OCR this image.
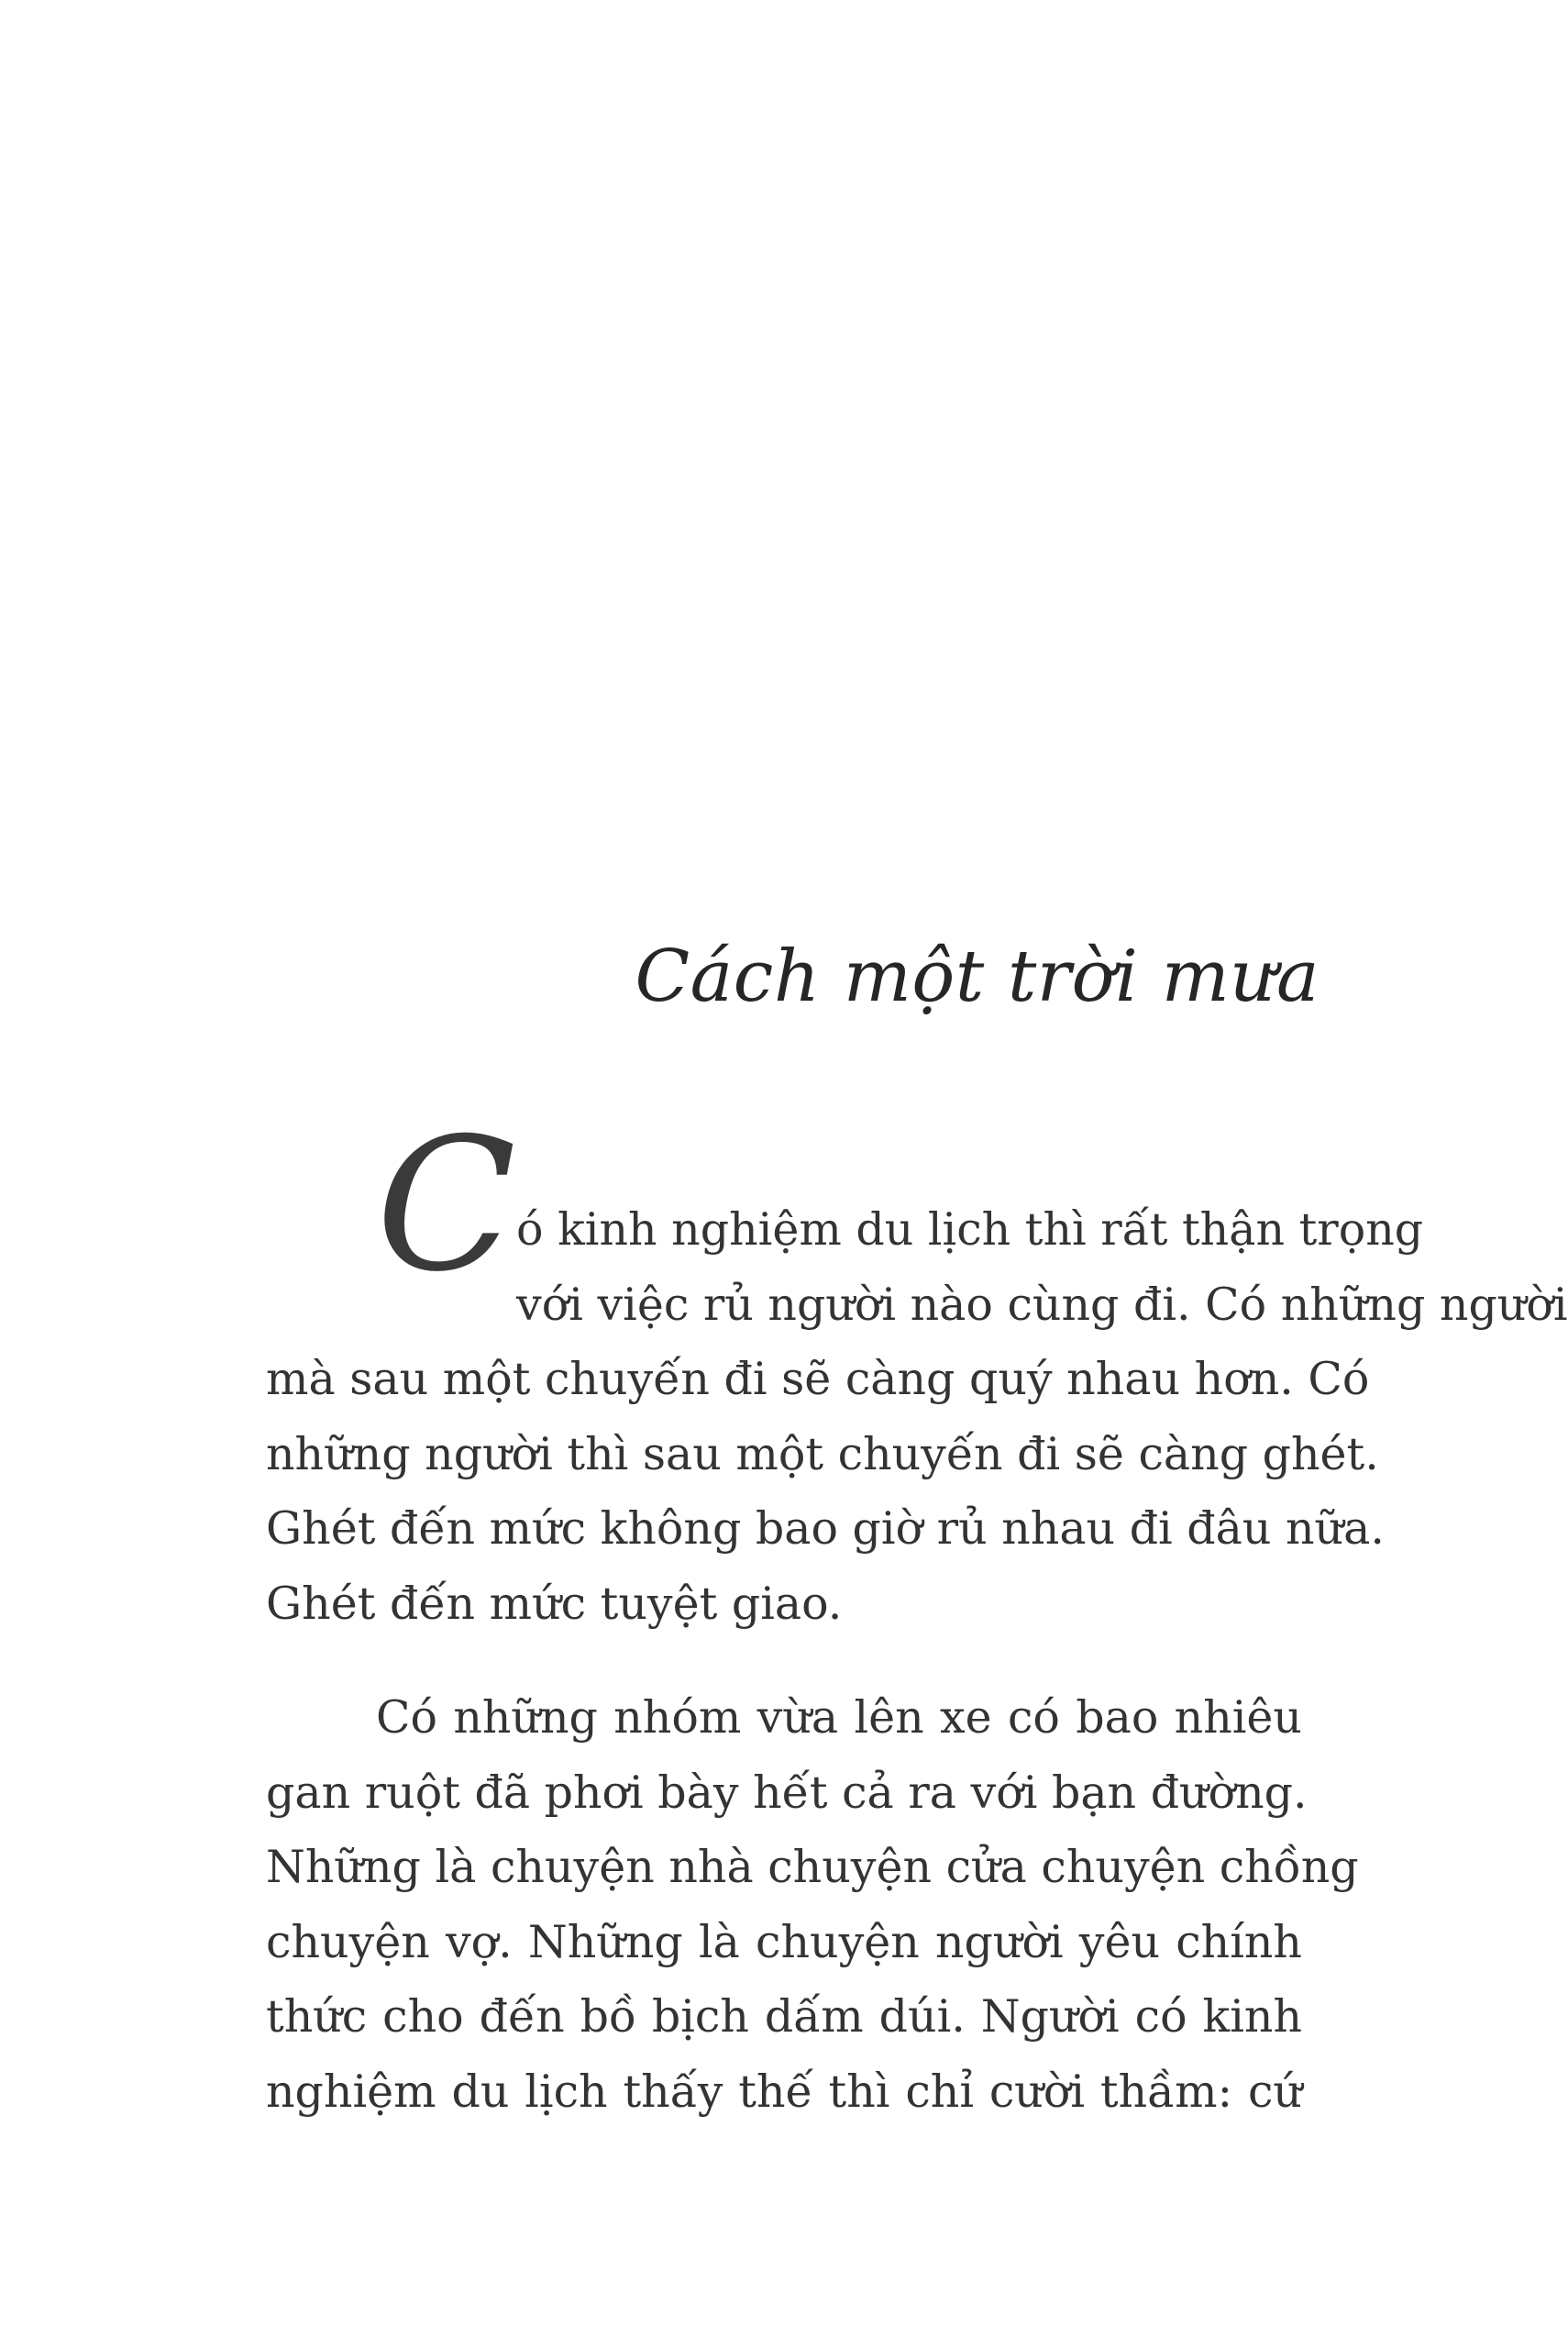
Cách một trời mưa
C ó kinh nghiệm du lịch thì rất thận trọng
với việc rủ người nào cùng đi. Có những người
mà sau một chuyến đi sẽ càng quý nhau hơn. Có
những người thì sau một chuyến đi sẽ càng ghét.
Ghét đến mức không bao giờ rủ nhau đi đâu nữa.
Ghét đến mức tuyệt giao.
Có những nhóm vừa lên xe có bao nhiêu
gan ruột đã phơi bày hết cả ra với bạn đường.
Những là chuyện nhà chuyện cửa chuyện chồng
chuyện vợ. Những là chuyện người yêu chính
thức cho đến bồ bịch dấm dúi. Người có kinh
nghiệm du lịch thấy thế thì chỉ cười thầm: cứ
